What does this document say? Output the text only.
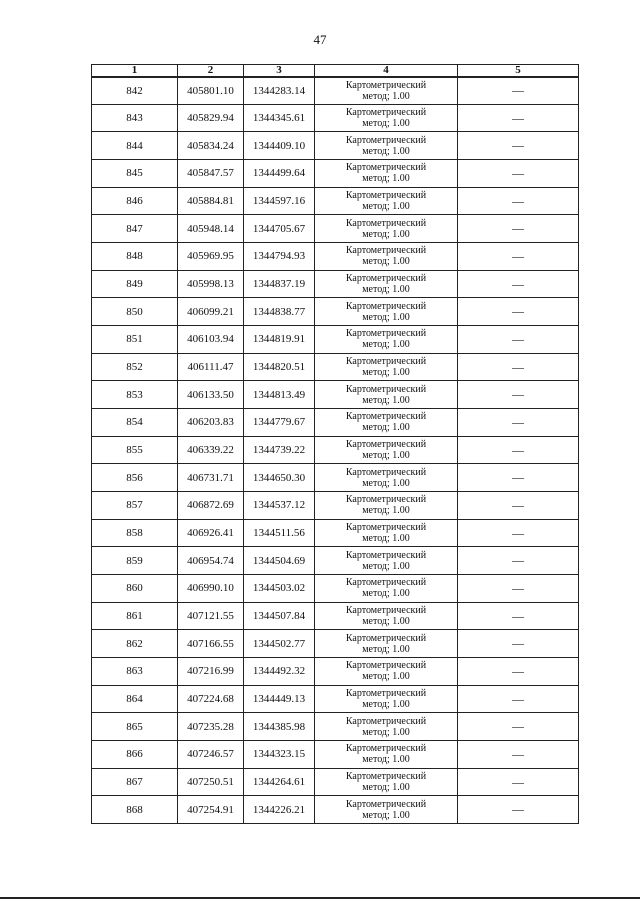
47
1	2	3	4	5
842	405801.10	1344283.14	Картометрический
метод; 1.00	—
843	405829.94	1344345.61	Картометрический
метод; 1.00	—
844	405834.24	1344409.10	Картометрический
метод; 1.00	—
845	405847.57	1344499.64	Картометрический
метод; 1.00	—
846	405884.81	1344597.16	Картометрический
метод; 1.00	—
847	405948.14	1344705.67	Картометрический
метод; 1.00	—
848	405969.95	1344794.93	Картометрический
метод; 1.00	—
849	405998.13	1344837.19	Картометрический
метод; 1.00	—
850	406099.21	1344838.77	Картометрический
метод; 1.00	—
851	406103.94	1344819.91	Картометрический
метод; 1.00	—
852	406111.47	1344820.51	Картометрический
метод; 1.00	—
853	406133.50	1344813.49	Картометрический
метод; 1.00	—
854	406203.83	1344779.67	Картометрический
метод; 1.00	—
855	406339.22	1344739.22	Картометрический
метод; 1.00	—
856	406731.71	1344650.30	Картометрический
метод; 1.00	—
857	406872.69	1344537.12	Картометрический
метод; 1.00	—
858	406926.41	1344511.56	Картометрический
метод; 1.00	—
859	406954.74	1344504.69	Картометрический
метод; 1.00	—
860	406990.10	1344503.02	Картометрический
метод; 1.00	—
861	407121.55	1344507.84	Картометрический
метод; 1.00	—
862	407166.55	1344502.77	Картометрический
метод; 1.00	—
863	407216.99	1344492.32	Картометрический
метод; 1.00	—
864	407224.68	1344449.13	Картометрический
метод; 1.00	—
865	407235.28	1344385.98	Картометрический
метод; 1.00	—
866	407246.57	1344323.15	Картометрический
метод; 1.00	—
867	407250.51	1344264.61	Картометрический
метод; 1.00	—
868	407254.91	1344226.21	Картометрический
метод; 1.00	—
